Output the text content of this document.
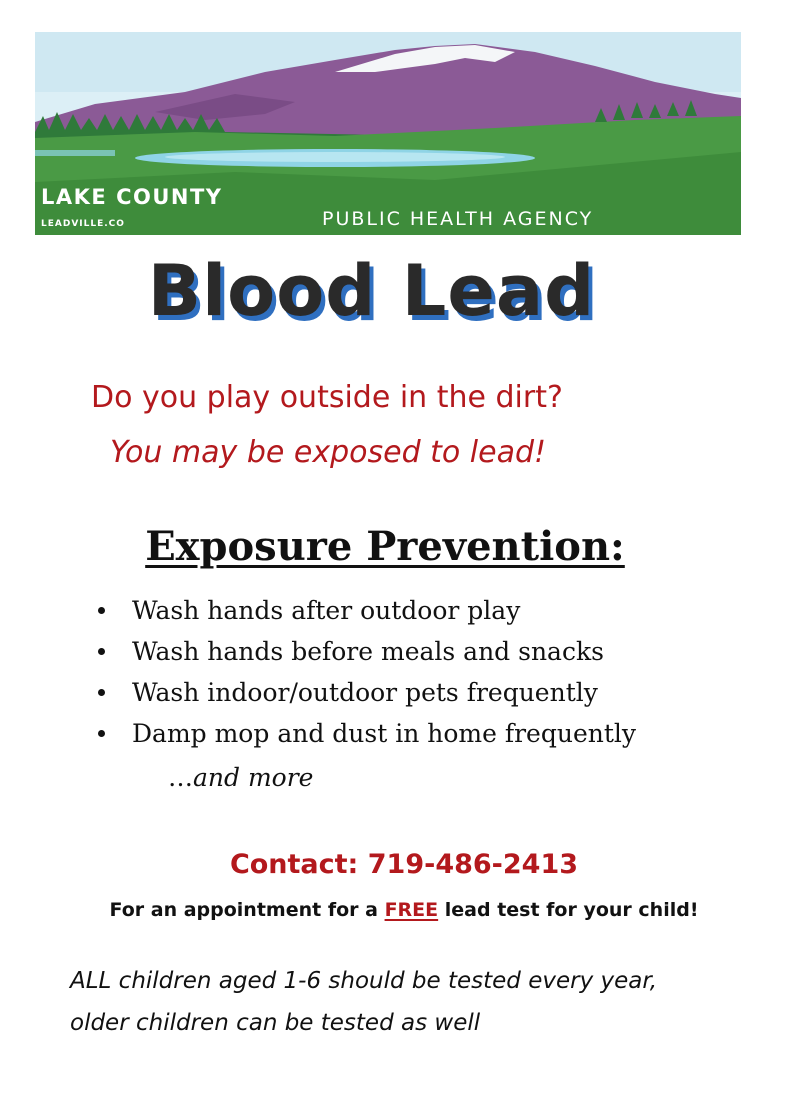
LAKE COUNTY
LEADVILLE.CO	PUBLIC HEALTH AGENCY
Blood Lead
Do you play outside in the dirt?
You may be exposed to lead!
Exposure Prevention:
Wash hands after outdoor play
Wash hands before meals and snacks
Wash indoor/outdoor pets frequently
Damp mop and dust in home frequently
…and more
Contact: 719-486-2413
For an appointment for a FREE lead test for your child!
ALL children aged 1-6 should be tested every year,
older children can be tested as well
